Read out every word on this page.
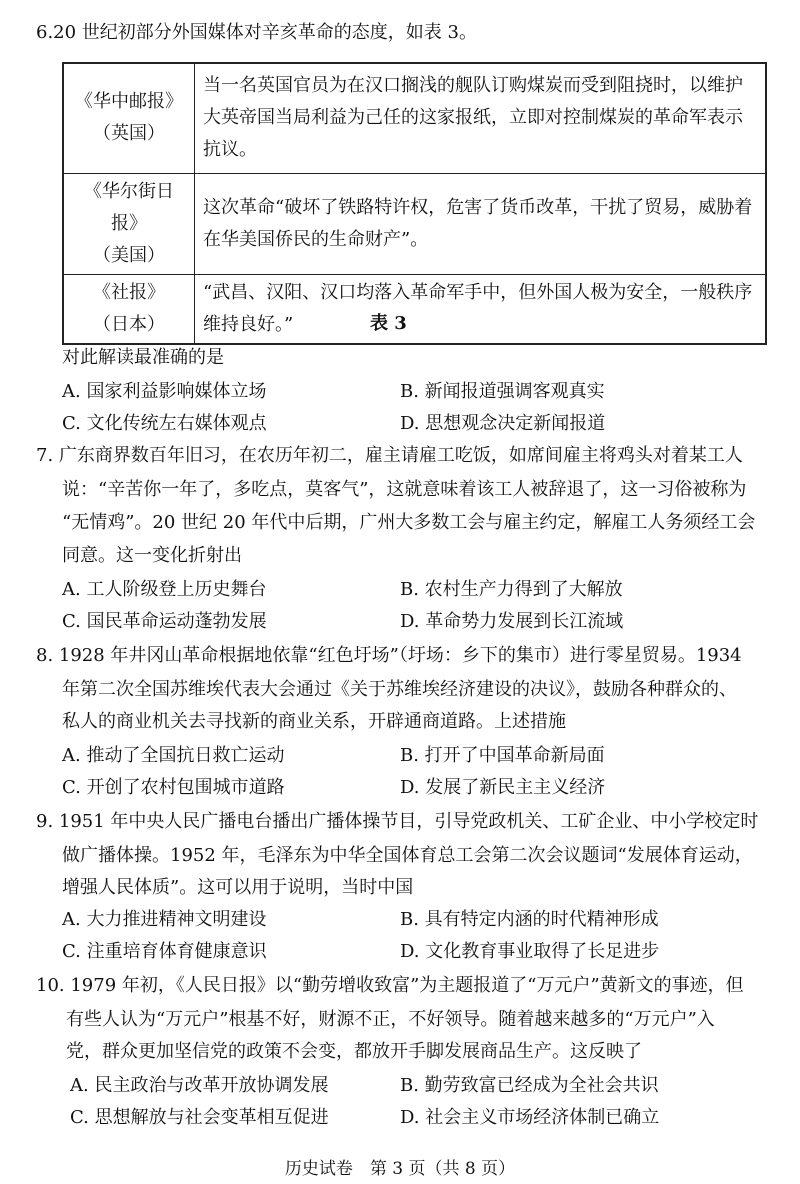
6.20 世纪初部分外国媒体对辛亥革命的态度，如表 3。
《华中邮报》
（英国）	当一名英国官员为在汉口搁浅的舰队订购煤炭而受到阻挠时，以维护大英帝国当局利益为己任的这家报纸，立即对控制煤炭的革命军表示抗议。

《华尔街日报》
（美国）	这次革命“破坏了铁路特许权，危害了货币改革，干扰了贸易，威胁着在华美国侨民的生命财产”。

《社报》
（日本）	“武昌、汉阳、汉口均落入革命军手中，但外国人极为安全，一般秩序维持良好。”	表 3
对此解读最准确的是
A. 国家利益影响媒体立场	B. 新闻报道强调客观真实
C. 文化传统左右媒体观点	D. 思想观念决定新闻报道
7. 广东商界数百年旧习，在农历年初二，雇主请雇工吃饭，如席间雇主将鸡头对着某工人
说：“辛苦你一年了，多吃点，莫客气”，这就意味着该工人被辞退了，这一习俗被称为
“无情鸡”。20 世纪 20 年代中后期，广州大多数工会与雇主约定，解雇工人务须经工会
同意。这一变化折射出
A. 工人阶级登上历史舞台	B. 农村生产力得到了大解放
C. 国民革命运动蓬勃发展	D. 革命势力发展到长江流域
8. 1928 年井冈山革命根据地依靠“红色圩场”（圩场：乡下的集市）进行零星贸易。1934
年第二次全国苏维埃代表大会通过《关于苏维埃经济建设的决议》，鼓励各种群众的、
私人的商业机关去寻找新的商业关系，开辟通商道路。上述措施
A. 推动了全国抗日救亡运动	B. 打开了中国革命新局面
C. 开创了农村包围城市道路	D. 发展了新民主主义经济
9. 1951 年中央人民广播电台播出广播体操节目，引导党政机关、工矿企业、中小学校定时
做广播体操。1952 年，毛泽东为中华全国体育总工会第二次会议题词“发展体育运动，
增强人民体质”。这可以用于说明，当时中国
A. 大力推进精神文明建设	B. 具有特定内涵的时代精神形成
C. 注重培育体育健康意识	D. 文化教育事业取得了长足进步
10. 1979 年初，《人民日报》以“勤劳增收致富”为主题报道了“万元户”黄新文的事迹，但
有些人认为“万元户”根基不好，财源不正，不好领导。随着越来越多的“万元户”入
党，群众更加坚信党的政策不会变，都放开手脚发展商品生产。这反映了
A. 民主政治与改革开放协调发展	B. 勤劳致富已经成为全社会共识
C. 思想解放与社会变革相互促进	D. 社会主义市场经济体制已确立
历史试卷　第 3 页（共 8 页）
